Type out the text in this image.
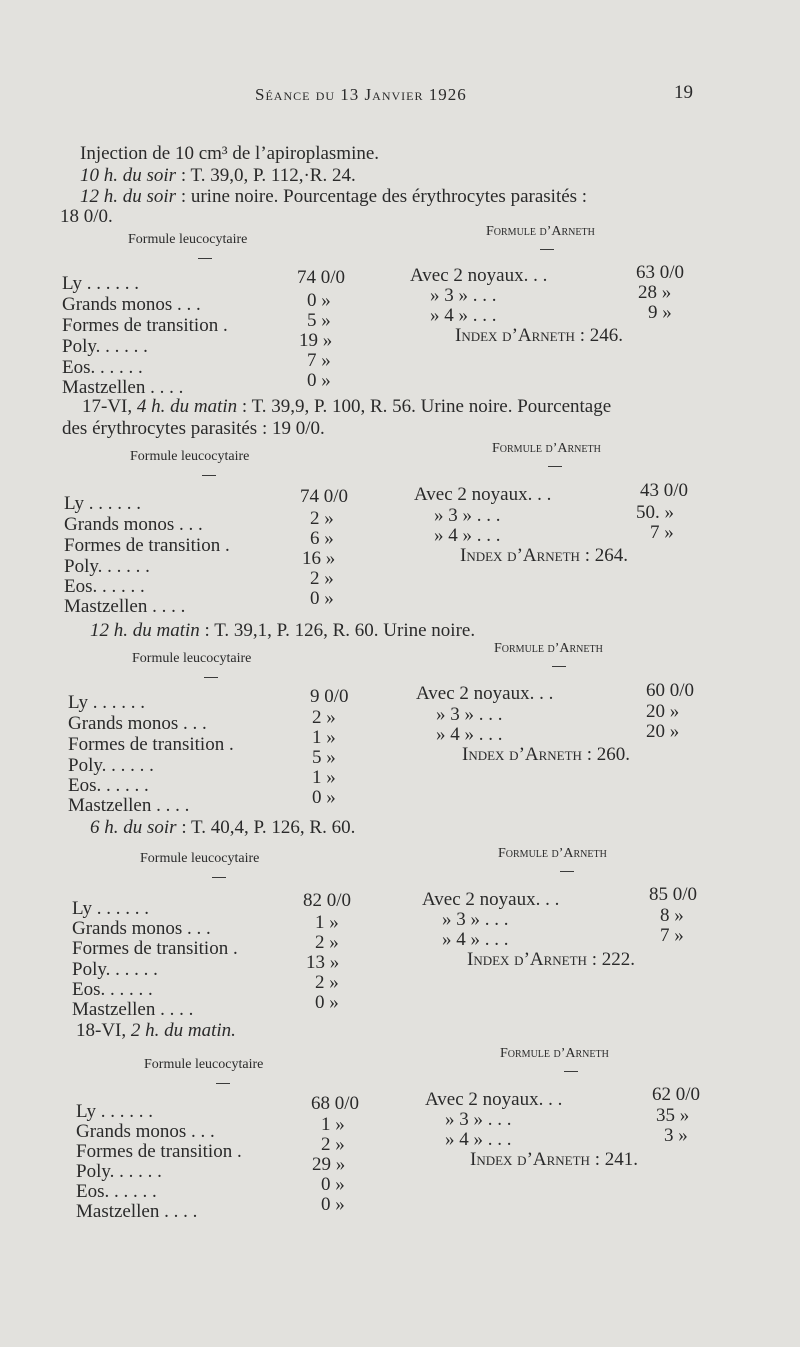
Séance du 13 Janvier 1926	19
Injection de 10 cm³ de l’apiroplasmine.
10 h. du soir : T. 39,0, P. 112,·R. 24.
12 h. du soir : urine noire. Pourcentage des érythrocytes parasités :
18 0/0.
Formule leucocytaire
Formule d’Arneth
Ly . . . . . .
Grands monos . . .
Formes de transition .
Poly. . . . . .
Eos. . . . . .
Mastzellen . . . .
74 0/0
0 »
5 »
19 »
7 »
0 »
Avec 2 noyaux. . .
» 3 » . . .
» 4 » . . .
Index d’Arneth : 246.
63 0/0
28 »
9 »
17-VI, 4 h. du matin : T. 39,9, P. 100, R. 56. Urine noire. Pourcentage
des érythrocytes parasités : 19 0/0.
Formule leucocytaire
Formule d’Arneth
Ly . . . . . .
Grands monos . . .
Formes de transition .
Poly. . . . . .
Eos. . . . . .
Mastzellen . . . .
74 0/0
2 »
6 »
16 »
2 »
0 »
Avec 2 noyaux. . .
» 3 » . . .
» 4 » . . .
Index d’Arneth : 264.
43 0/0
50. »
7 »
12 h. du matin : T. 39,1, P. 126, R. 60. Urine noire.
Formule leucocytaire
Formule d’Arneth
Ly . . . . . .
Grands monos . . .
Formes de transition .
Poly. . . . . .
Eos. . . . . .
Mastzellen . . . .
9 0/0
2 »
1 »
5 »
1 »
0 »
Avec 2 noyaux. . .
» 3 » . . .
» 4 » . . .
Index d’Arneth : 260.
60 0/0
20 »
20 »
6 h. du soir : T. 40,4, P. 126, R. 60.
Formule leucocytaire	Formule d’Arneth
Ly . . . . . .
Grands monos . . .
Formes de transition .
Poly. . . . . .
Eos. . . . . .
Mastzellen . . . .
82 0/0
1 »
2 »
13 »
2 »
0 »
Avec 2 noyaux. . .
» 3 » . . .
» 4 » . . .
Index d’Arneth : 222.
85 0/0
8 »
7 »
18-VI, 2 h. du matin.
Formule leucocytaire
Formule d’Arneth
Ly . . . . . .
Grands monos . . .
Formes de transition .
Poly. . . . . .
Eos. . . . . .
Mastzellen . . . .
68 0/0
1 »
2 »
29 »
0 »
0 »
Avec 2 noyaux. . .
» 3 » . . .
» 4 » . . .
Index d’Arneth : 241.
62 0/0
35 »
3 »
